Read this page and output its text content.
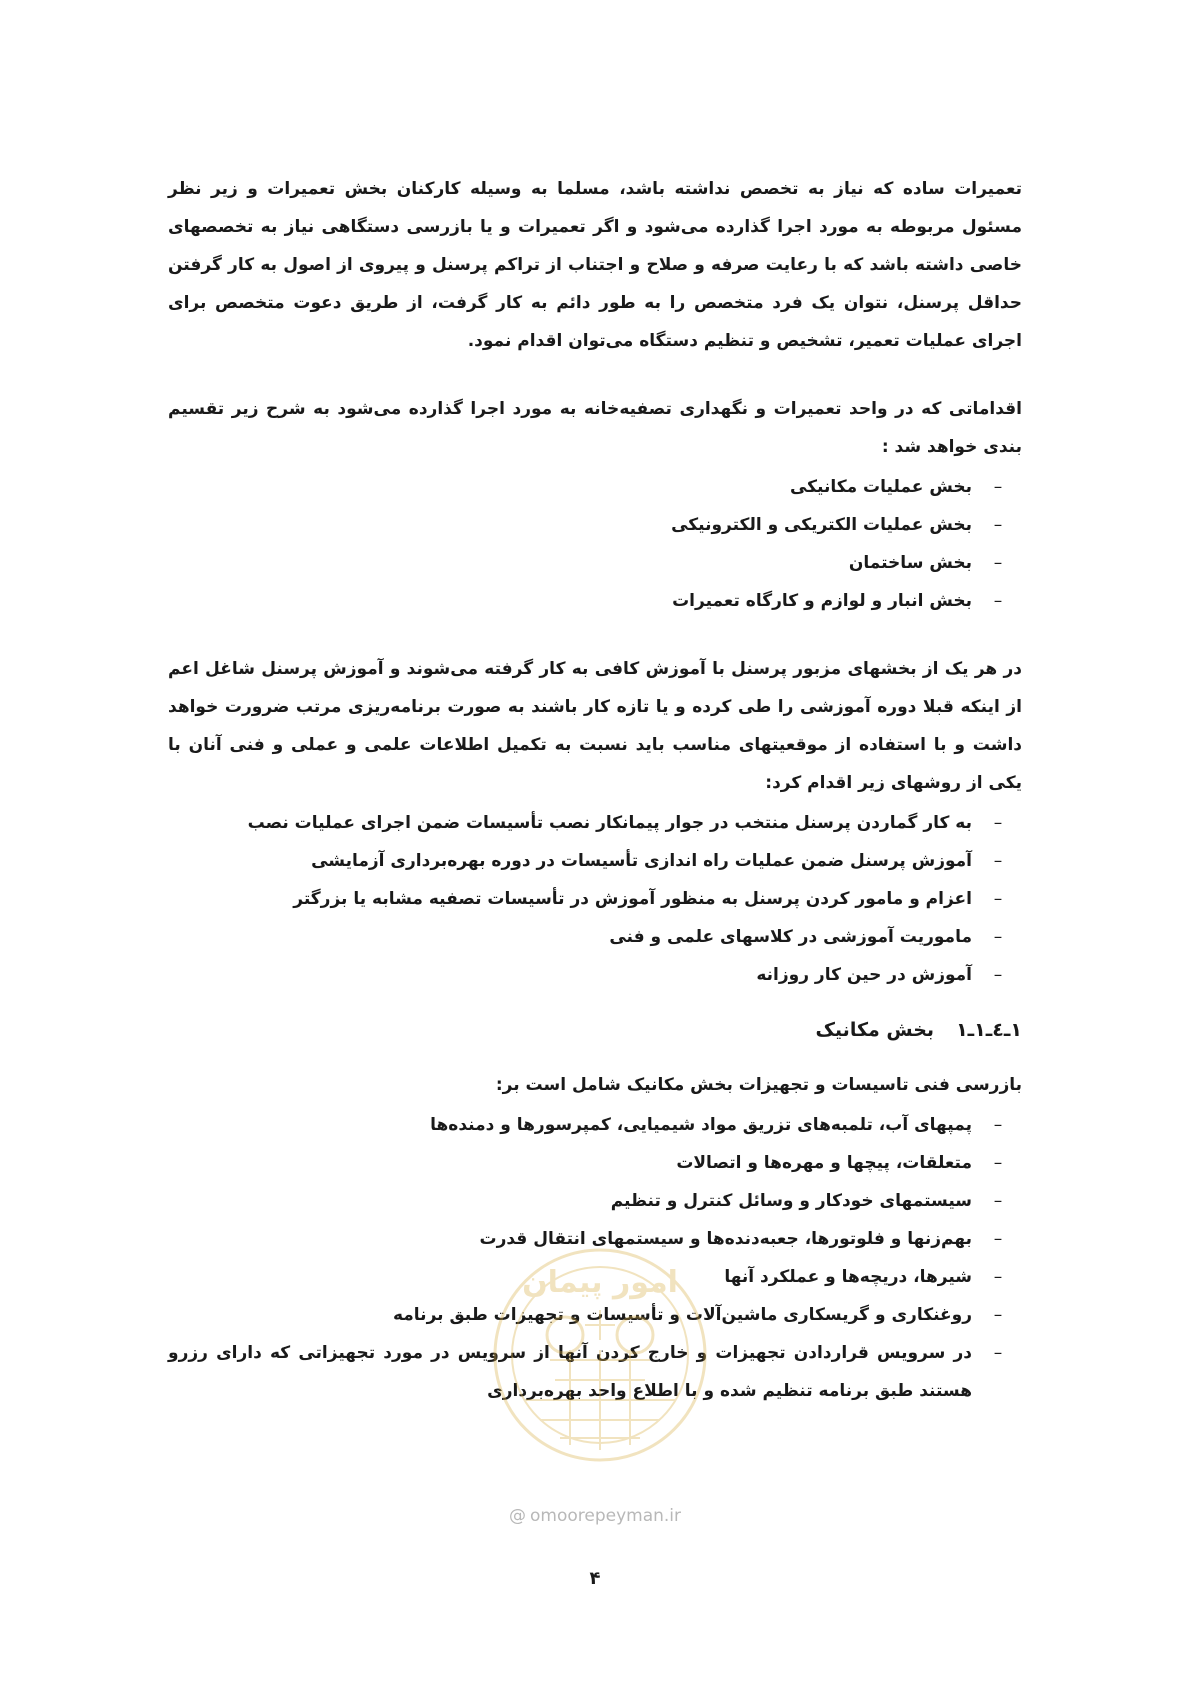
تعمیرات ساده که نیاز به تخصص نداشته باشد، مسلما به وسیله کارکنان بخش تعمیرات و زیر نظر مسئول مربوطه به مورد اجرا گذارده می‌شود و اگر تعمیرات و یا بازرسی دستگاهی نیاز به تخصصهای خاصی داشته باشد که با رعایت صرفه و صلاح و اجتناب از تراکم پرسنل و پیروی از اصول به کار گرفتن حداقل پرسنل، نتوان یک فرد متخصص را به طور دائم به کار گرفت، از طریق دعوت متخصص برای اجرای عملیات تعمیر، تشخیص و تنظیم دستگاه می‌توان اقدام نمود.

اقداماتی که در واحد تعمیرات و نگهداری تصفیه‌خانه به مورد اجرا گذارده می‌شود به شرح زیر تقسیم بندی خواهد شد :

–
بخش عملیات مکانیکی
–
بخش عملیات الکتریکی و الکترونیکی
–
بخش ساختمان
–
بخش انبار و لوازم و کارگاه تعمیرات

در هر یک از بخشهای مزبور پرسنل با آموزش کافی به کار گرفته می‌شوند و آموزش پرسنل شاغل اعم از اینکه قبلا دوره آموزشی را طی کرده و یا تازه کار باشند به صورت برنامه‌ریزی مرتب ضرورت خواهد داشت و با استفاده از موقعیتهای مناسب باید نسبت به تکمیل اطلاعات علمی و عملی و فنی آنان با یکی از روشهای زیر اقدام کرد:

–
به کار گماردن پرسنل منتخب در جوار پیمانکار نصب تأسیسات ضمن اجرای عملیات نصب
–
آموزش پرسنل ضمن عملیات راه اندازی تأسیسات در دوره بهره‌برداری آزمایشی
–
اعزام و مامور کردن پرسنل به منظور آموزش در تأسیسات تصفیه مشابه یا بزرگتر
–
ماموریت آموزشی در کلاسهای علمی و فنی
–
آموزش در حین کار روزانه
۱ـ٤ـ۱ـ۱بخش مکانیک

بازرسی فنی تاسیسات و تجهیزات بخش مکانیک شامل است بر:

–
پمپهای آب، تلمبه‌های تزریق مواد شیمیایی، کمپرسورها و دمنده‌ها
–
متعلقات، پیچها و مهره‌ها و اتصالات
–
سیستمهای خودکار و وسائل کنترل و تنظیم
–
بهم‌زنها و فلوتورها، جعبه‌دنده‌ها و سیستمهای انتقال قدرت
–
شیرها، دریچه‌ها و عملکرد آنها
–
روغنکاری و گریسکاری ماشین‌آلات و تأسیسات و تجهیزات طبق برنامه
–
در سرویس قراردادن تجهیزات و خارج کردن آنها از سرویس در مورد تجهیزاتی که دارای رزرو هستند طبق برنامه تنظیم شده و با اطلاع واحد بهره‌برداری
امور پیمان
@ omoorepeyman.ir
۴
